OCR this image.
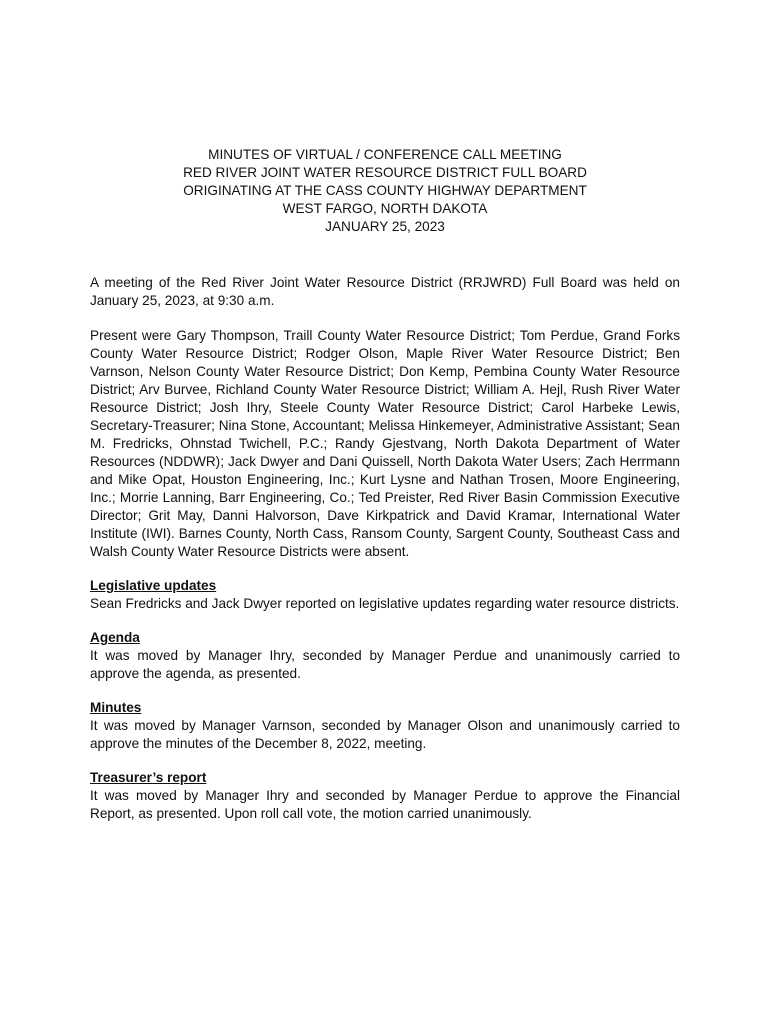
MINUTES OF VIRTUAL / CONFERENCE CALL MEETING
RED RIVER JOINT WATER RESOURCE DISTRICT FULL BOARD
ORIGINATING AT THE CASS COUNTY HIGHWAY DEPARTMENT
WEST FARGO, NORTH DAKOTA
JANUARY 25, 2023

A meeting of the Red River Joint Water Resource District (RRJWRD) Full Board was held on January 25, 2023, at 9:30 a.m.

Present were Gary Thompson, Traill County Water Resource District; Tom Perdue, Grand Forks County Water Resource District; Rodger Olson, Maple River Water Resource District; Ben Varnson, Nelson County Water Resource District; Don Kemp, Pembina County Water Resource District; Arv Burvee, Richland County Water Resource District; William A. Hejl, Rush River Water Resource District; Josh Ihry, Steele County Water Resource District; Carol Harbeke Lewis, Secretary-Treasurer; Nina Stone, Accountant; Melissa Hinkemeyer, Administrative Assistant; Sean M. Fredricks, Ohnstad Twichell, P.C.; Randy Gjestvang, North Dakota Department of Water Resources (NDDWR); Jack Dwyer and Dani Quissell, North Dakota Water Users; Zach Herrmann and Mike Opat, Houston Engineering, Inc.; Kurt Lysne and Nathan Trosen, Moore Engineering, Inc.; Morrie Lanning, Barr Engineering, Co.; Ted Preister, Red River Basin Commission Executive Director; Grit May, Danni Halvorson, Dave Kirkpatrick and David Kramar, International Water Institute (IWI). Barnes County, North Cass, Ransom County, Sargent County, Southeast Cass and Walsh County Water Resource Districts were absent.

Legislative updates

Sean Fredricks and Jack Dwyer reported on legislative updates regarding water resource districts.

Agenda

It was moved by Manager Ihry, seconded by Manager Perdue and unanimously carried to approve the agenda, as presented.

Minutes

It was moved by Manager Varnson, seconded by Manager Olson and unanimously carried to approve the minutes of the December 8, 2022, meeting.

Treasurer’s report

It was moved by Manager Ihry and seconded by Manager Perdue to approve the Financial Report, as presented. Upon roll call vote, the motion carried unanimously.
